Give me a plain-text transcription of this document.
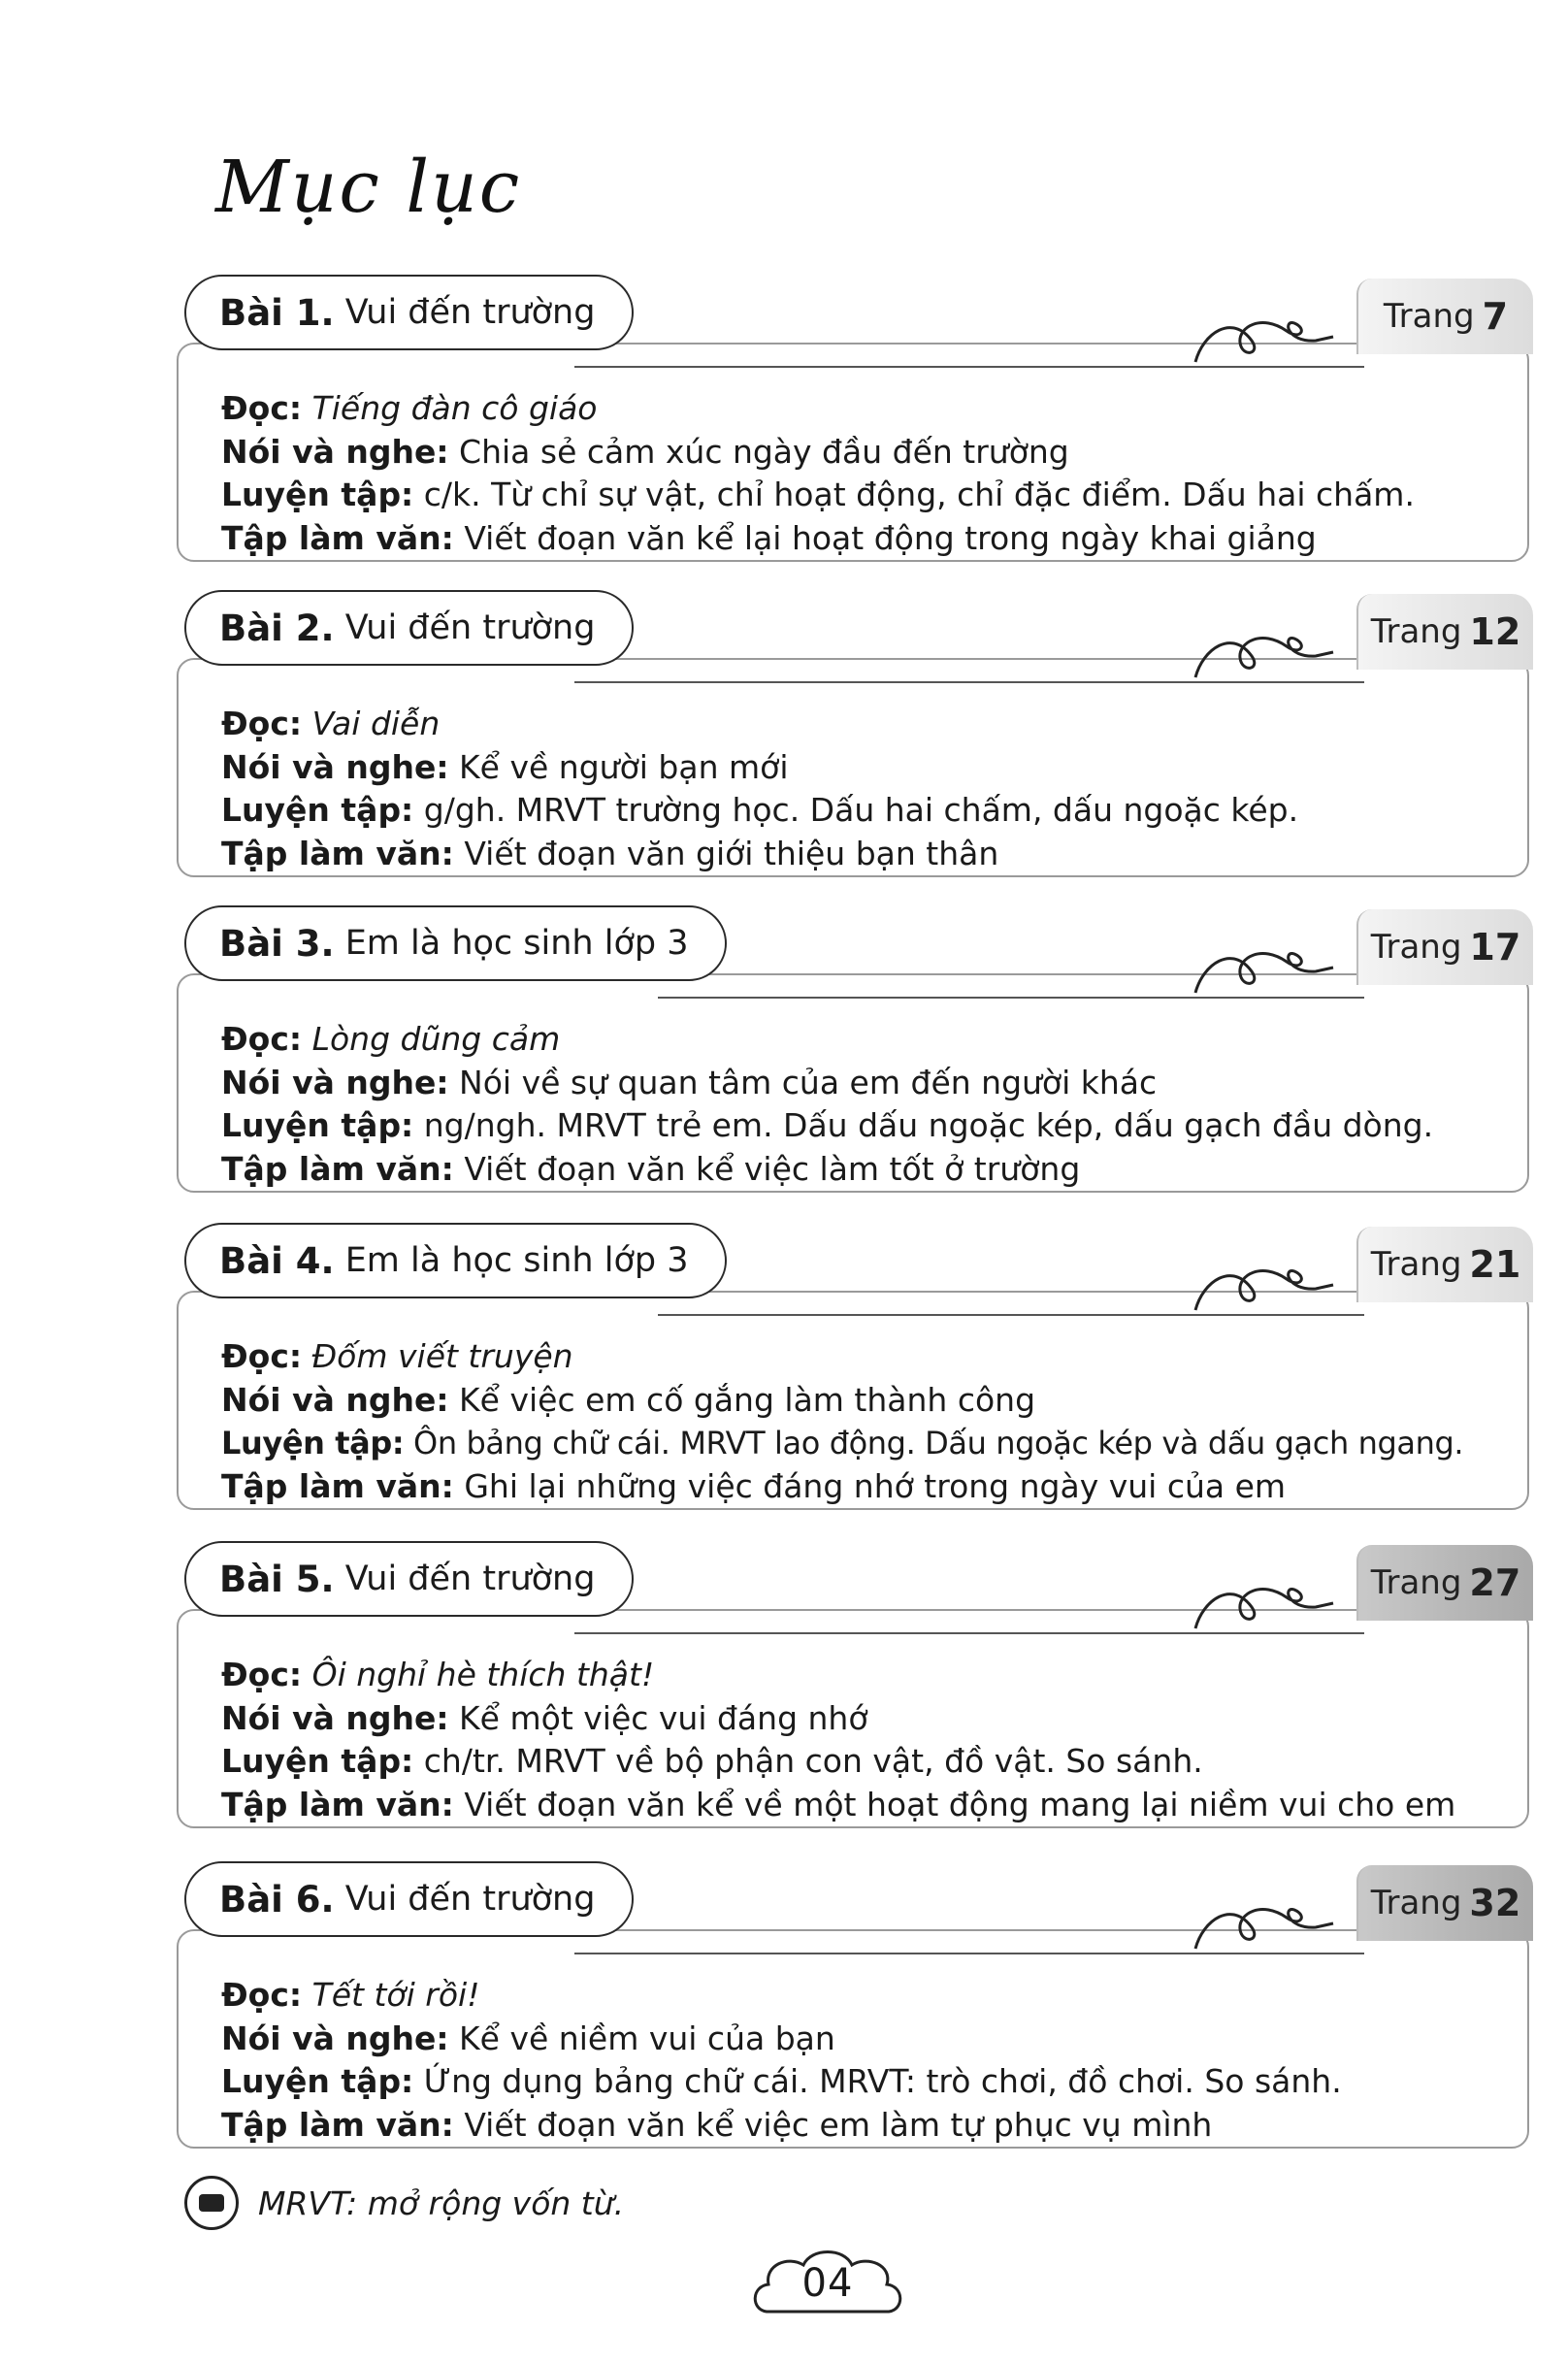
Mục lục
Bài 1.
Vui đến trường	Trang 7
Đọc: Tiếng đàn cô giáo
Nói và nghe: Chia sẻ cảm xúc ngày đầu đến trường
Luyện tập: c/k. Từ chỉ sự vật, chỉ hoạt động, chỉ đặc điểm. Dấu hai chấm.
Tập làm văn: Viết đoạn văn kể lại hoạt động trong ngày khai giảng
Bài 2.
Vui đến trường	Trang 12
Đọc: Vai diễn
Nói và nghe: Kể về người bạn mới
Luyện tập: g/gh. MRVT trường học. Dấu hai chấm, dấu ngoặc kép.
Tập làm văn: Viết đoạn văn giới thiệu bạn thân
Bài 3.
Em là học sinh lớp 3	Trang 17
Đọc: Lòng dũng cảm
Nói và nghe: Nói về sự quan tâm của em đến người khác
Luyện tập: ng/ngh. MRVT trẻ em. Dấu dấu ngoặc kép, dấu gạch đầu dòng.
Tập làm văn: Viết đoạn văn kể việc làm tốt ở trường
Bài 4.
Em là học sinh lớp 3	Trang 21
Đọc: Đốm viết truyện
Nói và nghe: Kể việc em cố gắng làm thành công
Luyện tập: Ôn bảng chữ cái. MRVT lao động. Dấu ngoặc kép và dấu gạch ngang.
Tập làm văn: Ghi lại những việc đáng nhớ trong ngày vui của em
Bài 5.
Vui đến trường	Trang 27
Đọc: Ôi nghỉ hè thích thật!
Nói và nghe: Kể một việc vui đáng nhớ
Luyện tập: ch/tr. MRVT về bộ phận con vật, đồ vật. So sánh.
Tập làm văn: Viết đoạn văn kể về một hoạt động mang lại niềm vui cho em
Bài 6.
Vui đến trường	Trang 32
Đọc: Tết tới rồi!
Nói và nghe: Kể về niềm vui của bạn
Luyện tập: Ứng dụng bảng chữ cái. MRVT: trò chơi, đồ chơi. So sánh.
Tập làm văn: Viết đoạn văn kể việc em làm tự phục vụ mình
MRVT:
mở rộng vốn từ.
04
